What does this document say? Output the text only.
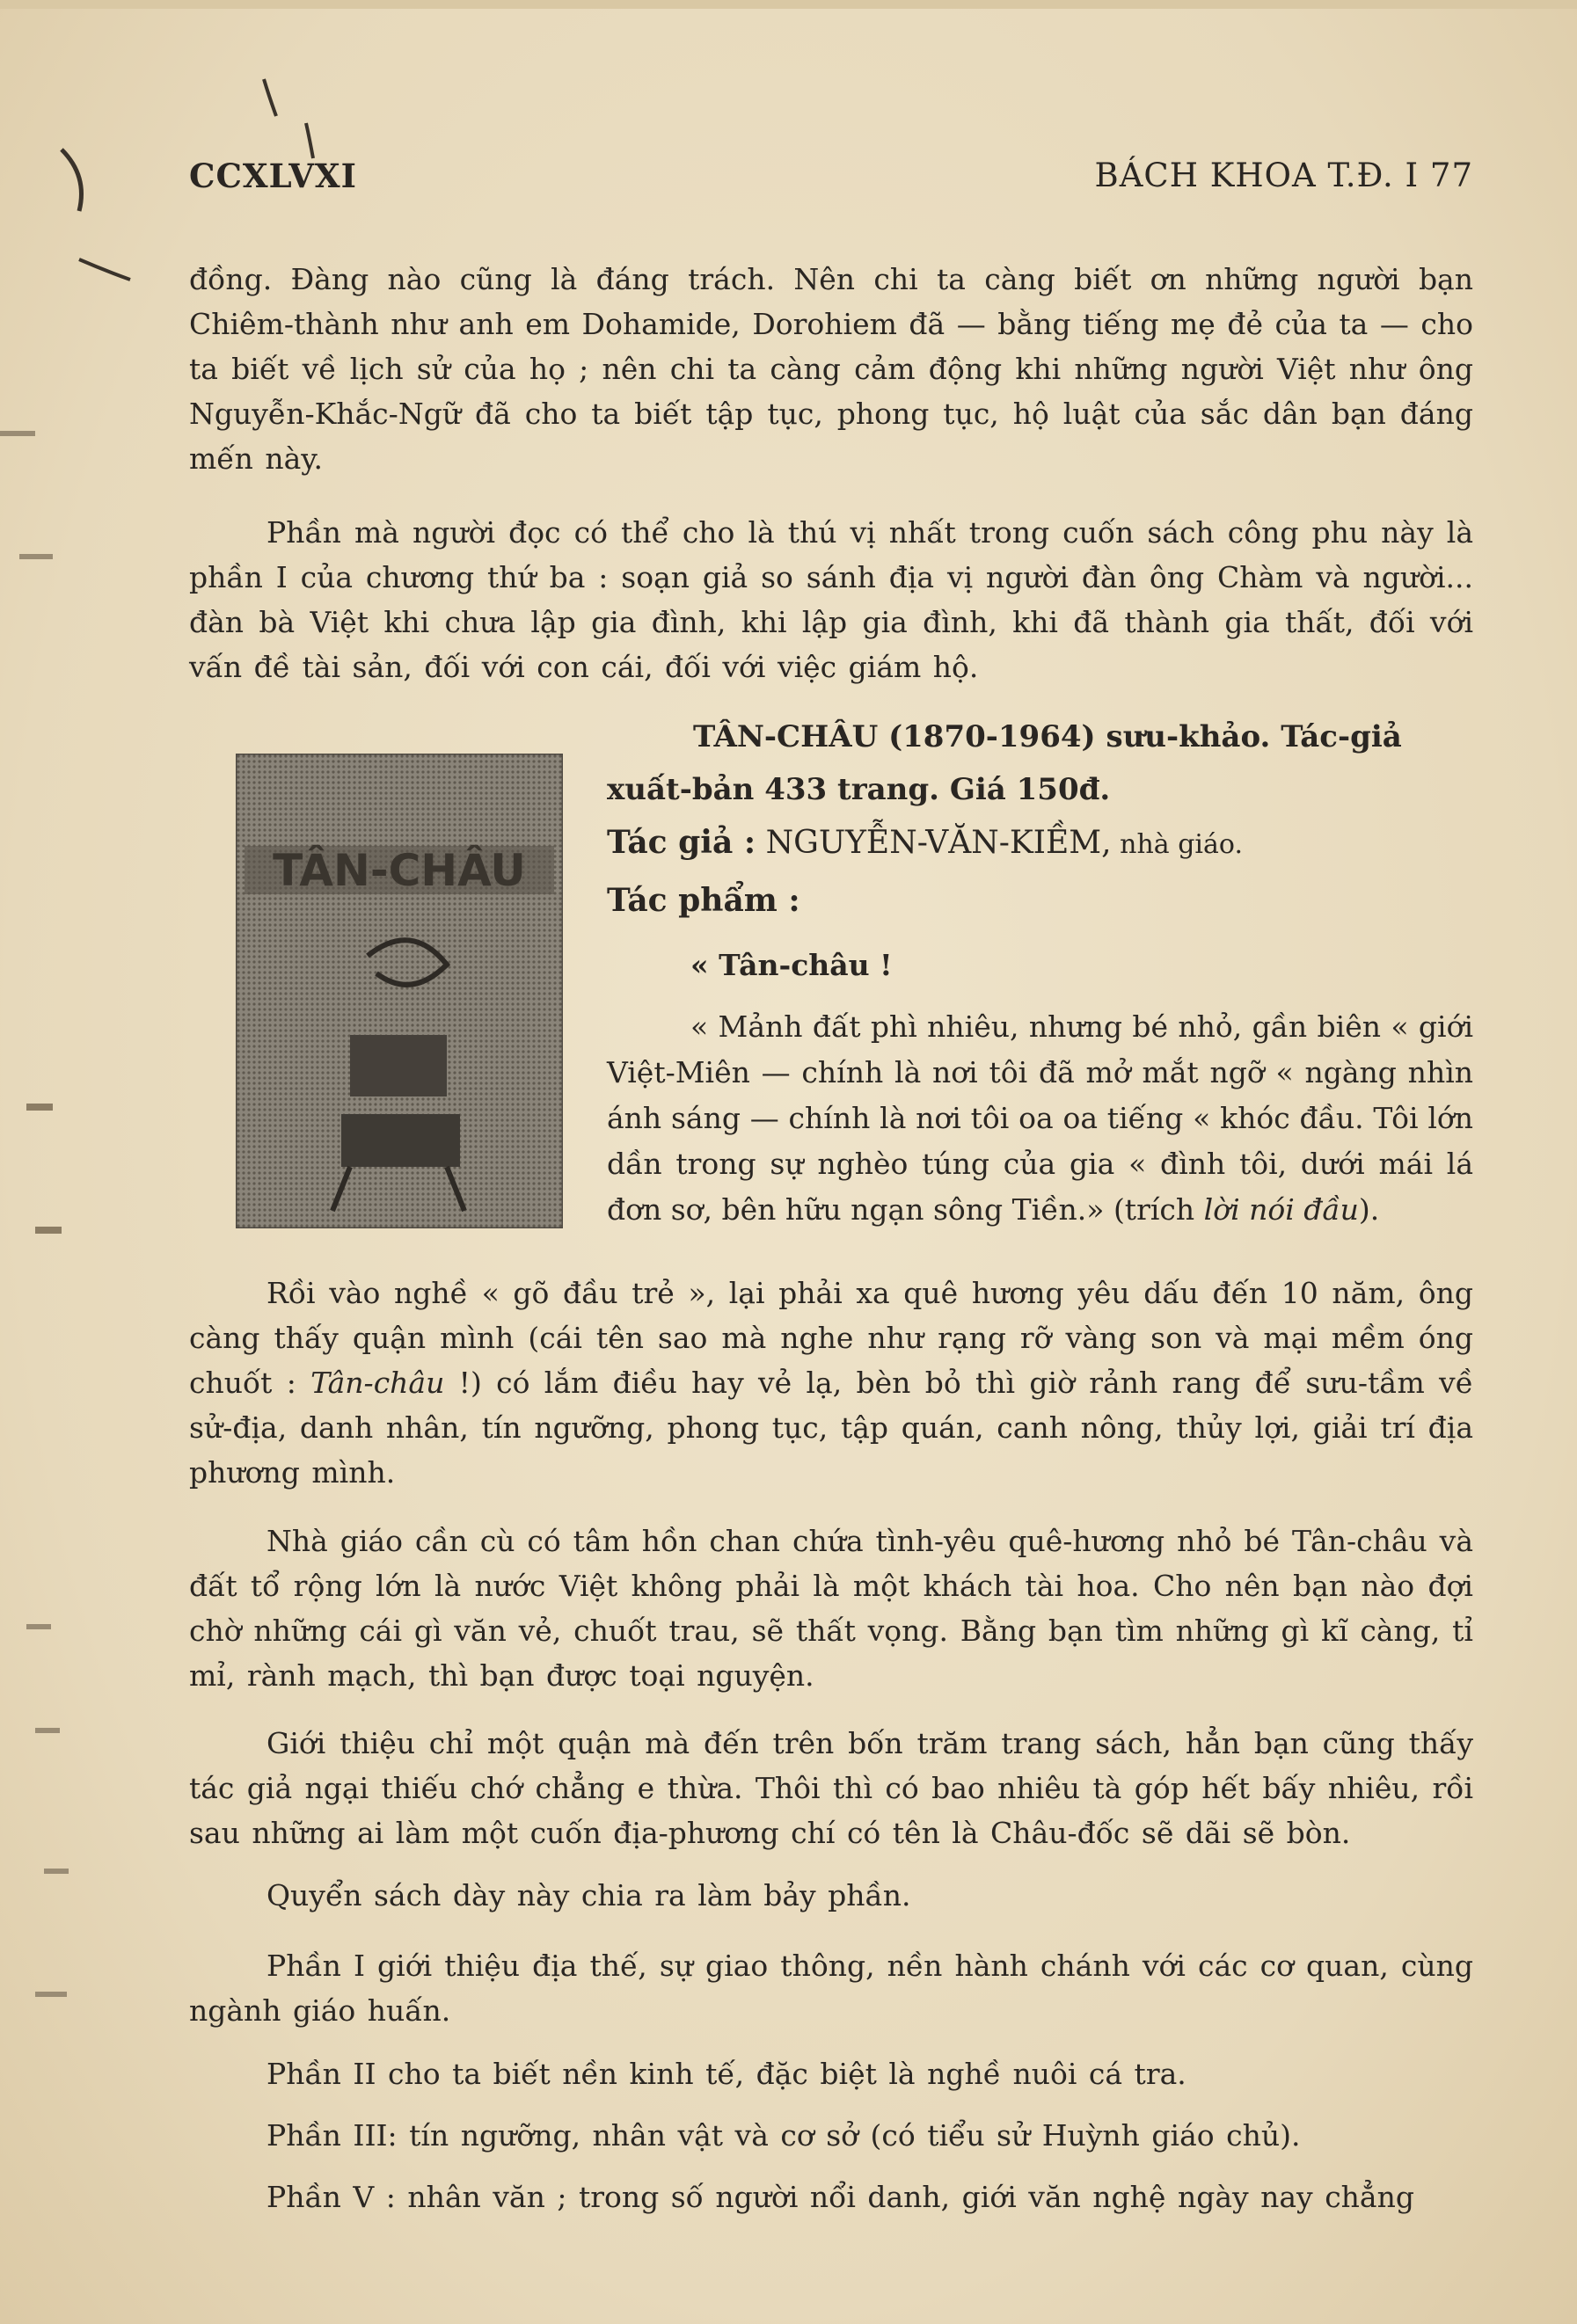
CCXLVXI	BÁCH KHOA T.Đ. I 77
đồng. Đàng nào cũng là đáng trách. Nên chi ta càng biết ơn những người bạn Chiêm-thành như anh em Dohamide, Dorohiem đã — bằng tiếng mẹ đẻ của ta — cho ta biết về lịch sử của họ ; nên chi ta càng cảm động khi những người Việt như ông Nguyễn-Khắc-Ngữ đã cho ta biết tập tục, phong tục, hộ luật của sắc dân bạn đáng mến này.
Phần mà người đọc có thể cho là thú vị nhất trong cuốn sách công phu này là phần I của chương thứ ba : soạn giả so sánh địa vị người đàn ông Chàm và người... đàn bà Việt khi chưa lập gia đình, khi lập gia đình, khi đã thành gia thất, đối với vấn đề tài sản, đối với con cái, đối với việc giám hộ.
TÂN-CHÂU
TÂN-CHÂU (1870-1964) sưu-khảo. Tác-giả xuất-bản 433 trang. Giá 150đ.
Tác giả : NGUYỄN-VĂN-KIỀM, nhà giáo.
Tác phẩm :
« Tân-châu !
« Mảnh đất phì nhiêu, nhưng bé nhỏ, gần biên « giới Việt-Miên — chính là nơi tôi đã mở mắt ngỡ « ngàng nhìn ánh sáng — chính là nơi tôi oa oa tiếng « khóc đầu. Tôi lớn dần trong sự nghèo túng của gia « đình tôi, dưới mái lá đơn sơ, bên hữu ngạn sông Tiền.» (trích lời nói đầu).
Rồi vào nghề « gõ đầu trẻ », lại phải xa quê hương yêu dấu đến 10 năm, ông càng thấy quận mình (cái tên sao mà nghe như rạng rỡ vàng son và mại mềm óng chuốt : Tân-châu !) có lắm điều hay vẻ lạ, bèn bỏ thì giờ rảnh rang để sưu-tầm về sử-địa, danh nhân, tín ngưỡng, phong tục, tập quán, canh nông, thủy lợi, giải trí địa phương mình.
Nhà giáo cần cù có tâm hồn chan chứa tình-yêu quê-hương nhỏ bé Tân-châu và đất tổ rộng lớn là nước Việt không phải là một khách tài hoa. Cho nên bạn nào đợi chờ những cái gì văn vẻ, chuốt trau, sẽ thất vọng. Bằng bạn tìm những gì kĩ càng, tỉ mỉ, rành mạch, thì bạn được toại nguyện.
Giới thiệu chỉ một quận mà đến trên bốn trăm trang sách, hẳn bạn cũng thấy tác giả ngại thiếu chớ chẳng e thừa. Thôi thì có bao nhiêu tà góp hết bấy nhiêu, rồi sau những ai làm một cuốn địa-phương chí có tên là Châu-đốc sẽ dãi sẽ bòn.
Quyển sách dày này chia ra làm bảy phần.
Phần I giới thiệu địa thế, sự giao thông, nền hành chánh với các cơ quan, cùng ngành giáo huấn.
Phần II cho ta biết nền kinh tế, đặc biệt là nghề nuôi cá tra.
Phần III: tín ngưỡng, nhân vật và cơ sở (có tiểu sử Huỳnh giáo chủ).
Phần V : nhân văn ; trong số người nổi danh, giới văn nghệ ngày nay chẳng
